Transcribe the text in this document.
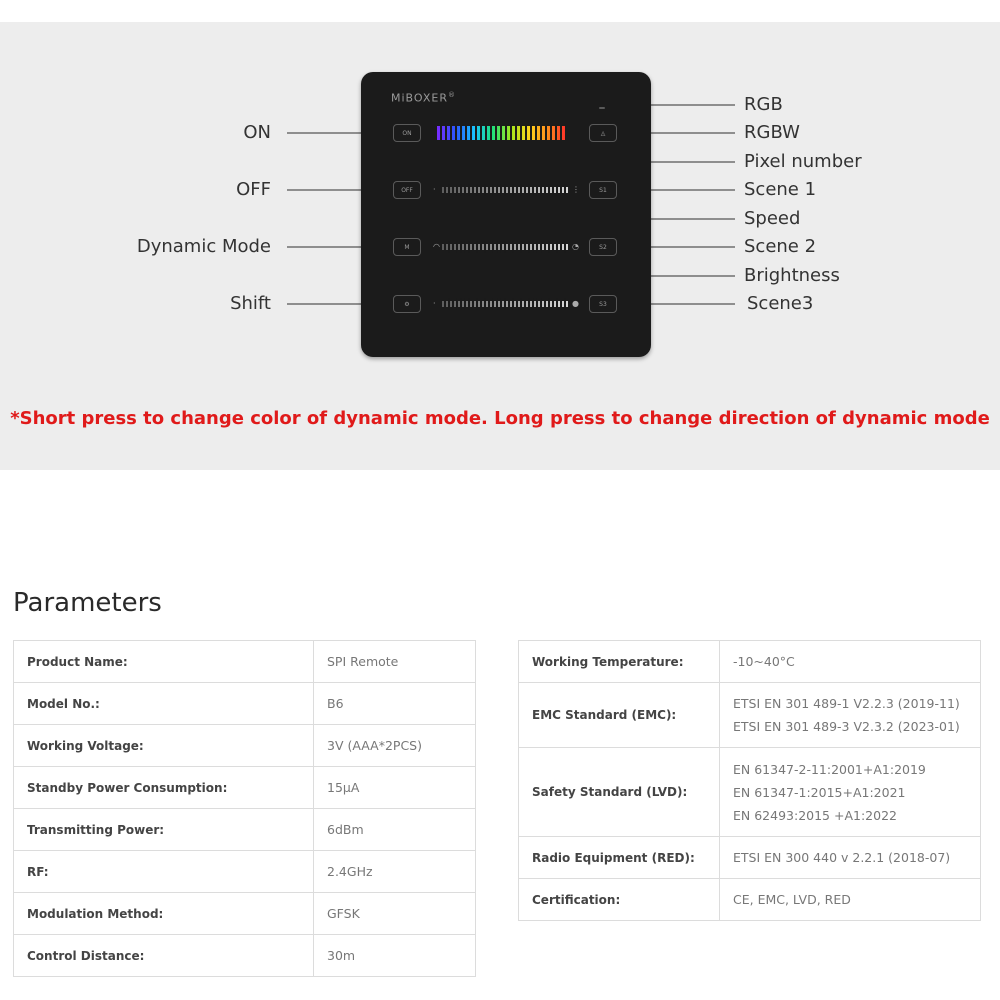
MiBOXER®
ON
OFF
M
⚙
◬
S1
S2
S3
·	⋮
◠	◔
·	●
ON
OFF
Dynamic Mode
Shift
RGB
RGBW
Pixel number
Scene 1
Speed
Scene 2
Brightness
Scene3
*Short press to change color of dynamic mode. Long press to change direction of dynamic mode
Parameters
Product Name:	SPI Remote
Model No.:	B6
Working Voltage:	3V (AAA*2PCS)
Standby Power Consumption:	15μA
Transmitting Power:	6dBm
RF:	2.4GHz
Modulation Method:	GFSK
Control Distance:	30m
Working Temperature:	-10~40°C

EMC Standard (EMC):	ETSI EN 301 489-1 V2.2.3 (2019-11)
ETSI EN 301 489-3 V2.3.2 (2023-01)

Safety Standard (LVD):	EN 61347-2-11:2001+A1:2019
EN 61347-1:2015+A1:2021
EN 62493:2015 +A1:2022

Radio Equipment (RED):	ETSI EN 300 440 v 2.2.1 (2018-07)

Certification:	CE, EMC, LVD, RED
